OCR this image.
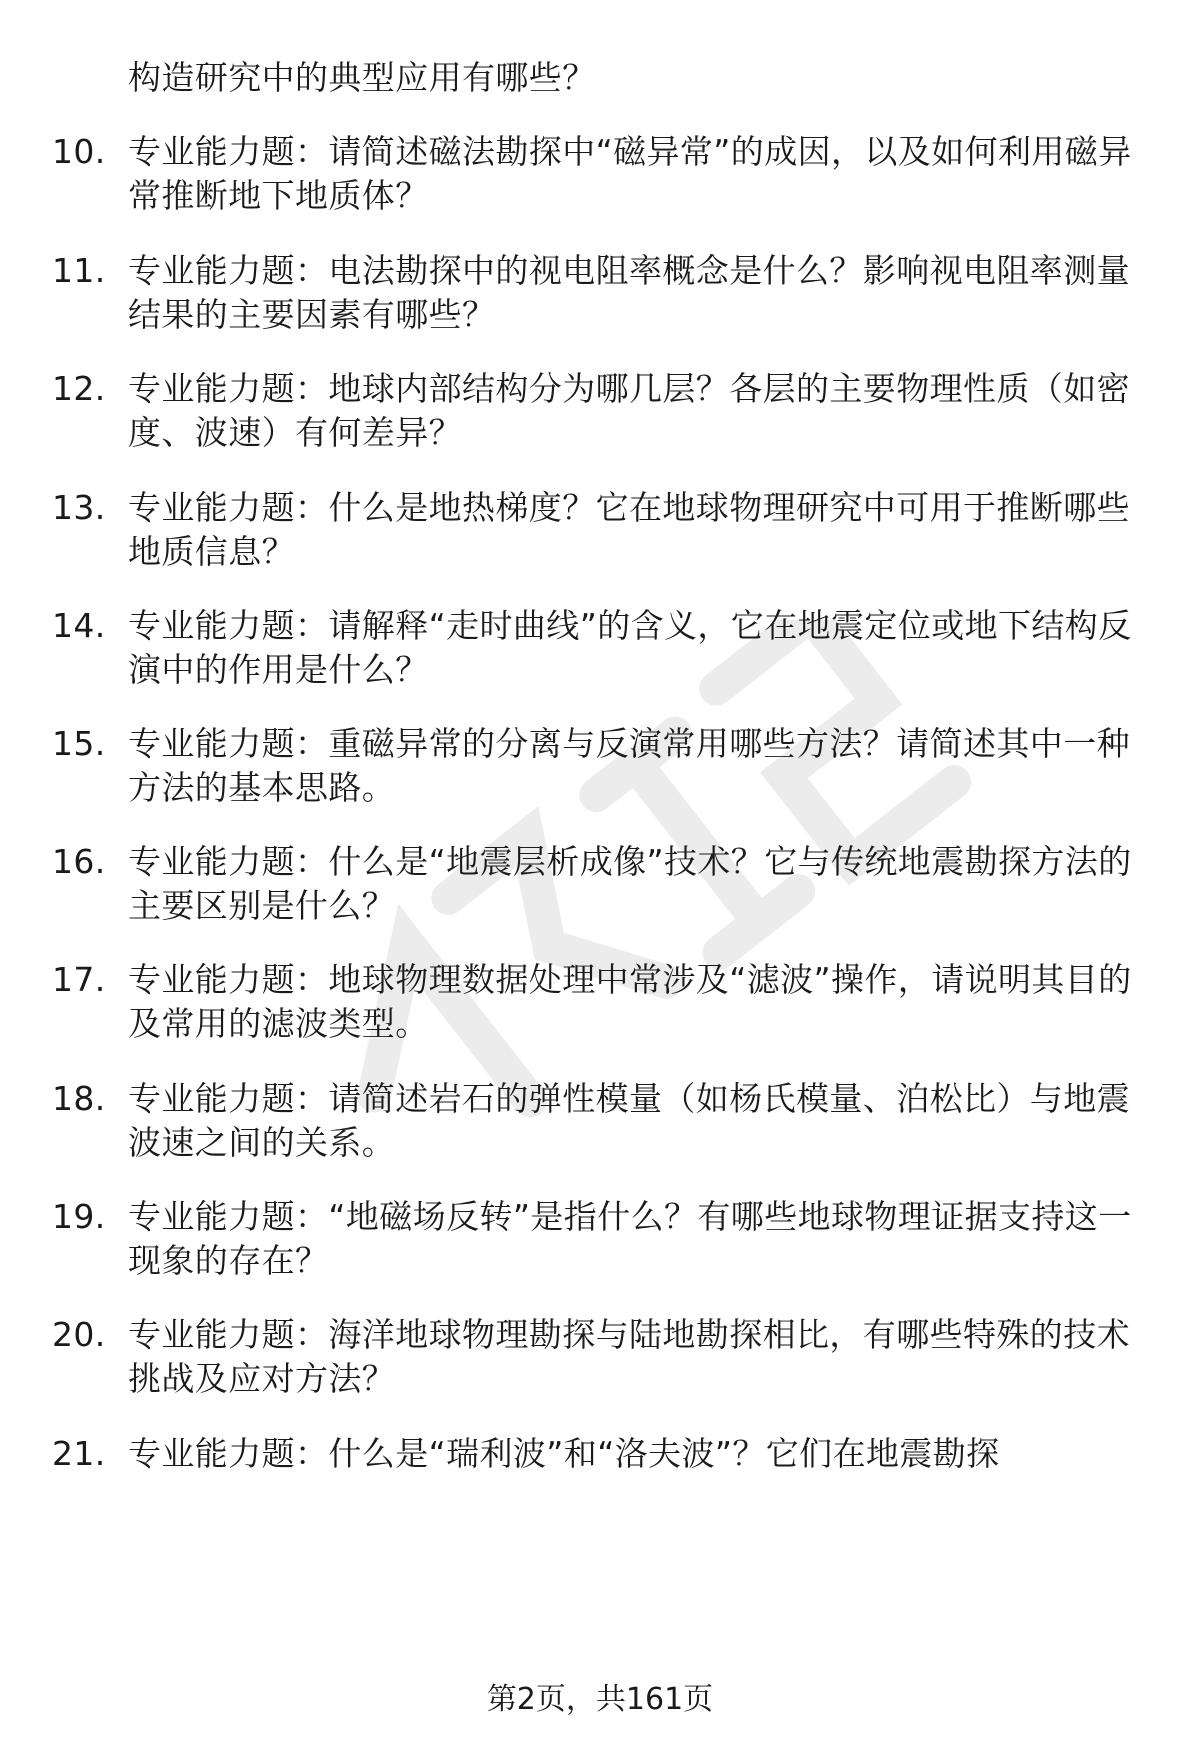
构造研究中的典型应用有哪些？
10. 专业能力题：请简述磁法勘探中“磁异常”的成因，以及如何利用磁异常推断地下地质体？
11. 专业能力题：电法勘探中的视电阻率概念是什么？影响视电阻率测量结果的主要因素有哪些？
12. 专业能力题：地球内部结构分为哪几层？各层的主要物理性质（如密度、波速）有何差异？
13. 专业能力题：什么是地热梯度？它在地球物理研究中可用于推断哪些地质信息？
14. 专业能力题：请解释“走时曲线”的含义，它在地震定位或地下结构反演中的作用是什么？
15. 专业能力题：重磁异常的分离与反演常用哪些方法？请简述其中一种方法的基本思路。
16. 专业能力题：什么是“地震层析成像”技术？它与传统地震勘探方法的主要区别是什么？
17. 专业能力题：地球物理数据处理中常涉及“滤波”操作，请说明其目的及常用的滤波类型。
18. 专业能力题：请简述岩石的弹性模量（如杨氏模量、泊松比）与地震波速之间的关系。
19. 专业能力题：“地磁场反转”是指什么？有哪些地球物理证据支持这一现象的存在？
20. 专业能力题：海洋地球物理勘探与陆地勘探相比，有哪些特殊的技术挑战及应对方法？
21. 专业能力题：什么是“瑞利波”和“洛夫波”？它们在地震勘探
第2页，共161页
